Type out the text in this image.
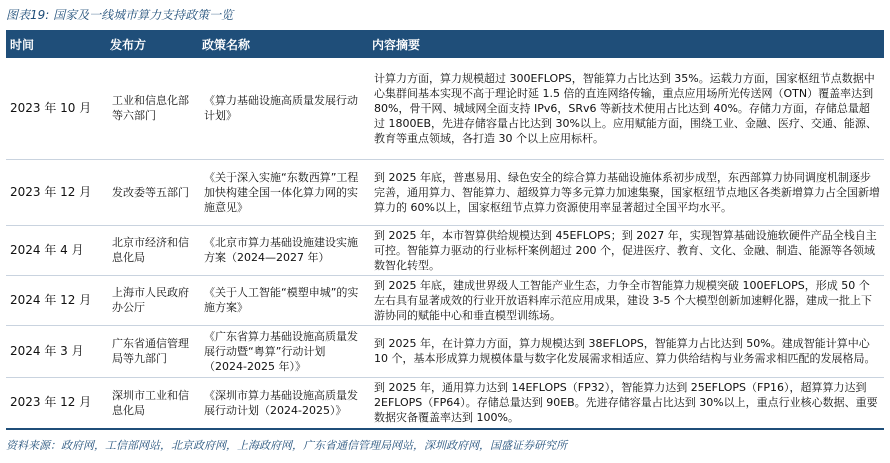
图表19: 国家及一线城市算力支持政策一览
时间	发布方	政策名称	内容摘要
2023 年 10 月	工业和信息化部等六部门	《算力基础设施高质量发展行动计划》	计算力方面，算力规模超过 300EFLOPS，智能算力占比达到 35%。运载力方面，国家枢纽节点数据中心集群间基本实现不高于理论时延 1.5 倍的直连网络传输，重点应用场所光传送网（OTN）覆盖率达到 80%，骨干网、城域网全面支持 IPv6，SRv6 等新技术使用占比达到 40%。存储力方面，存储总量超过 1800EB，先进存储容量占比达到 30%以上。应用赋能方面，围绕工业、金融、医疗、交通、能源、教育等重点领域，各打造 30 个以上应用标杆。
2023 年 12 月	发改委等五部门	《关于深入实施“东数西算”工程加快构建全国一体化算力网的实施意见》	到 2025 年底，普惠易用、绿色安全的综合算力基础设施体系初步成型，东西部算力协同调度机制逐步完善，通用算力、智能算力、超级算力等多元算力加速集聚，国家枢纽节点地区各类新增算力占全国新增算力的 60%以上，国家枢纽节点算力资源使用率显著超过全国平均水平。
2024 年 4 月	北京市经济和信息化局	《北京市算力基础设施建设实施方案（2024—2027 年）	到 2025 年，本市智算供给规模达到 45EFLOPS；到 2027 年，实现智算基础设施软硬件产品全栈自主可控。智能算力驱动的行业标杆案例超过 200 个，促进医疗、教育、文化、金融、制造、能源等各领域数智化转型。
2024 年 12 月	上海市人民政府办公厅	《关于人工智能“模塑申城”的实施方案》	到 2025 年底，建成世界级人工智能产业生态，力争全市智能算力规模突破 100EFLOPS，形成 50 个左右具有显著成效的行业开放语料库示范应用成果，建设 3-5 个大模型创新加速孵化器，建成一批上下游协同的赋能中心和垂直模型训练场。
2024 年 3 月	广东省通信管理局等九部门	《广东省算力基础设施高质量发展行动暨“粤算”行动计划（2024-2025 年）》	到 2025 年，在计算力方面，算力规模达到 38EFLOPS，智能算力占比达到 50%。建成智能计算中心 10 个，基本形成算力规模体量与数字化发展需求相适应、算力供给结构与业务需求相匹配的发展格局。
2023 年 12 月	深圳市工业和信息化局	《深圳市算力基础设施高质量发展行动计划（2024-2025）》	到 2025 年，通用算力达到 14EFLOPS（FP32），智能算力达到 25EFLOPS（FP16），超算算力达到 2EFLOPS（FP64）。存储总量达到 90EB。先进存储容量占比达到 30%以上，重点行业核心数据、重要数据灾备覆盖率达到 100%。
资料来源：政府网，工信部网站，北京政府网，上海政府网，广东省通信管理局网站，深圳政府网，国盛证券研究所
